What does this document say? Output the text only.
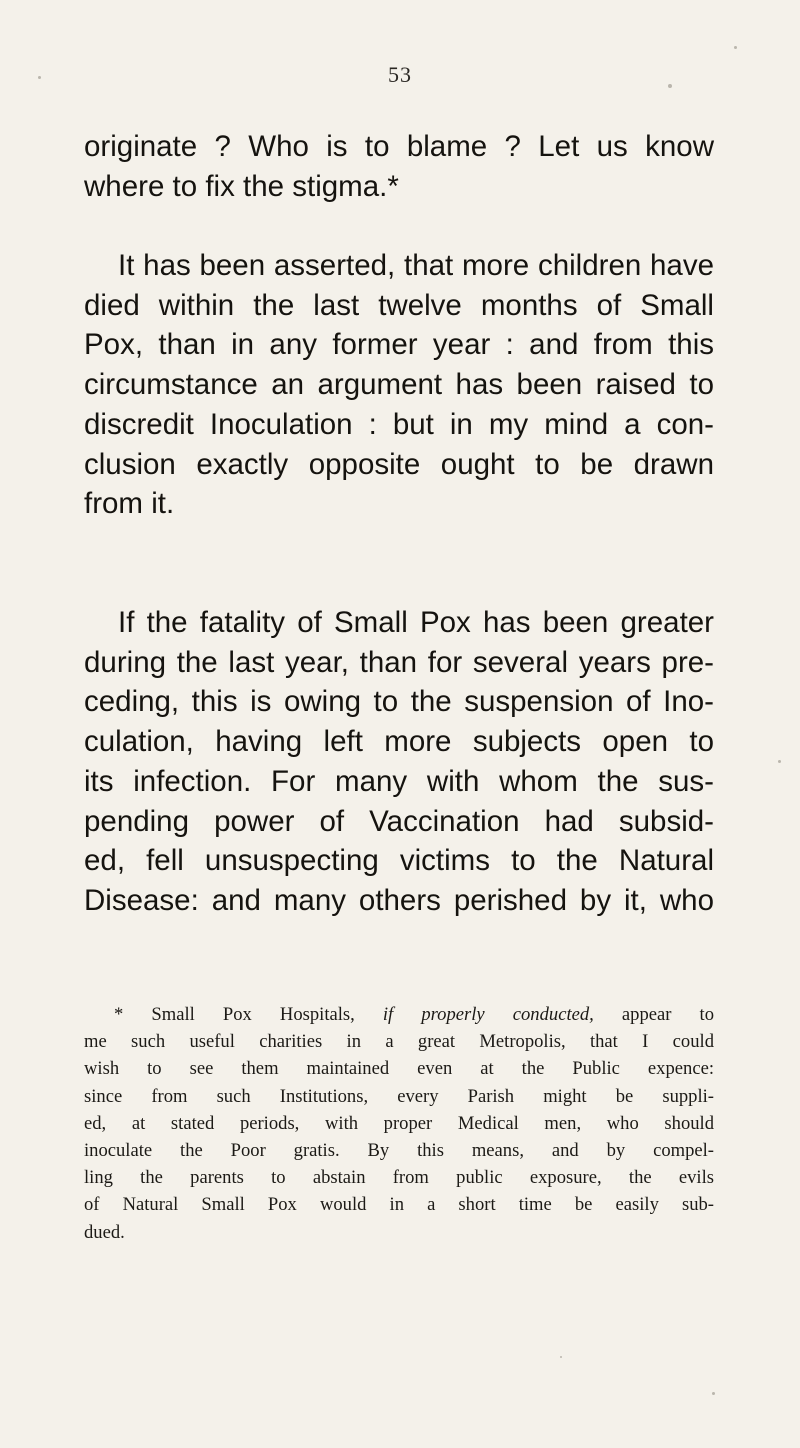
53
originate ? Who is to blame ? Let us know
where to fix the stigma.*
It has been asserted, that more children have
died within the last twelve months of Small
Pox, than in any former year : and from this
circumstance an argument has been raised to
discredit Inoculation : but in my mind a con-
clusion exactly opposite ought to be drawn
from it.
If the fatality of Small Pox has been greater
during the last year, than for several years pre-
ceding, this is owing to the suspension of Ino-
culation, having left more subjects open to
its infection. For many with whom the sus-
pending power of Vaccination had subsid-
ed, fell unsuspecting victims to the Natural
Disease: and many others perished by it, who
* Small Pox Hospitals, if properly conducted, appear to
me such useful charities in a great Metropolis, that I could
wish to see them maintained even at the Public expence:
since from such Institutions, every Parish might be suppli-
ed, at stated periods, with proper Medical men, who should
inoculate the Poor gratis. By this means, and by compel-
ling the parents to abstain from public exposure, the evils
of Natural Small Pox would in a short time be easily sub-
dued.
